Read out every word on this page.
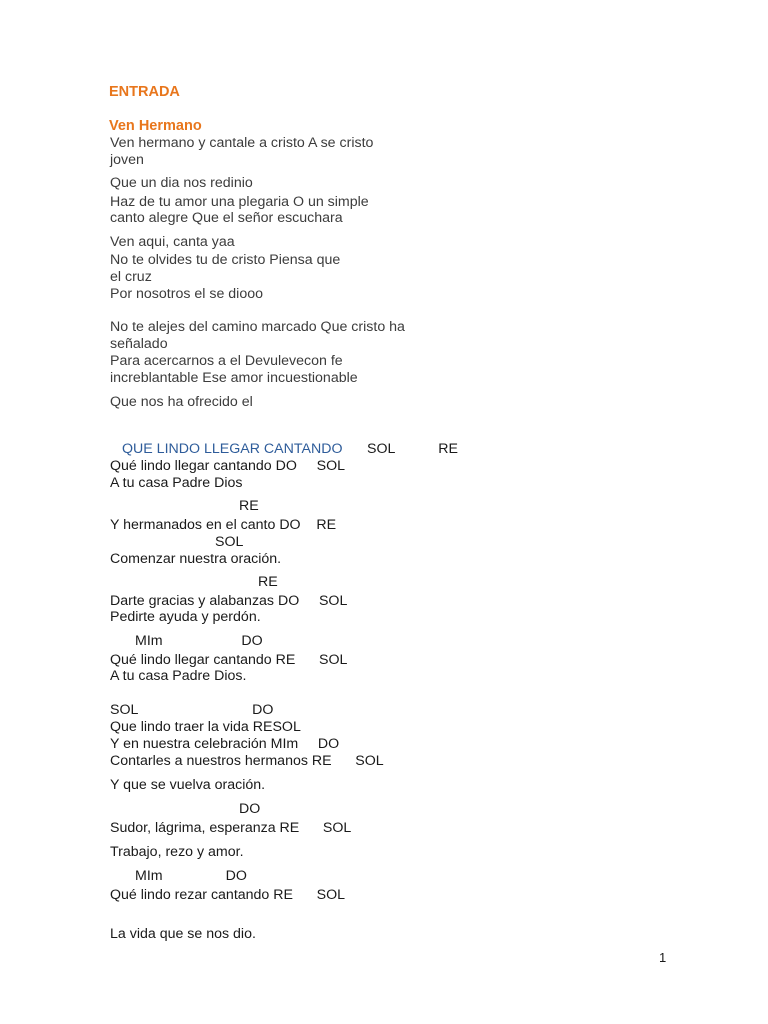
ENTRADA
Ven Hermano
Ven hermano y cantale a cristo A se cristo
joven
Que un dia nos redinio
Haz de tu amor una plegaria O un simple
canto alegre Que el señor escuchara
Ven aqui, canta yaa
No te olvides tu de cristo Piensa que
el cruz
Por nosotros el se diooo
No te alejes del camino marcado Que cristo ha
señalado
Para acercarnos a el Devulevecon fe
increblantable Ese amor incuestionable
Que nos ha ofrecido el
QUE LINDO LLEGAR CANTANDO SOL           RE
Qué lindo llegar cantando DO     SOL
A tu casa Padre Dios
RE
Y hermanados en el canto DO    RE
SOL
Comenzar nuestra oración.
RE
Darte gracias y alabanzas DO     SOL
Pedirte ayuda y perdón.
MIm                    DO
Qué lindo llegar cantando RE      SOL
A tu casa Padre Dios.
SOL                             DO
Que lindo traer la vida RESOL
Y en nuestra celebración MIm     DO
Contarles a nuestros hermanos RE      SOL
Y que se vuelva oración.
DO
Sudor, lágrima, esperanza RE      SOL
Trabajo, rezo y amor.
MIm                DO
Qué lindo rezar cantando RE      SOL
La vida que se nos dio.
1
